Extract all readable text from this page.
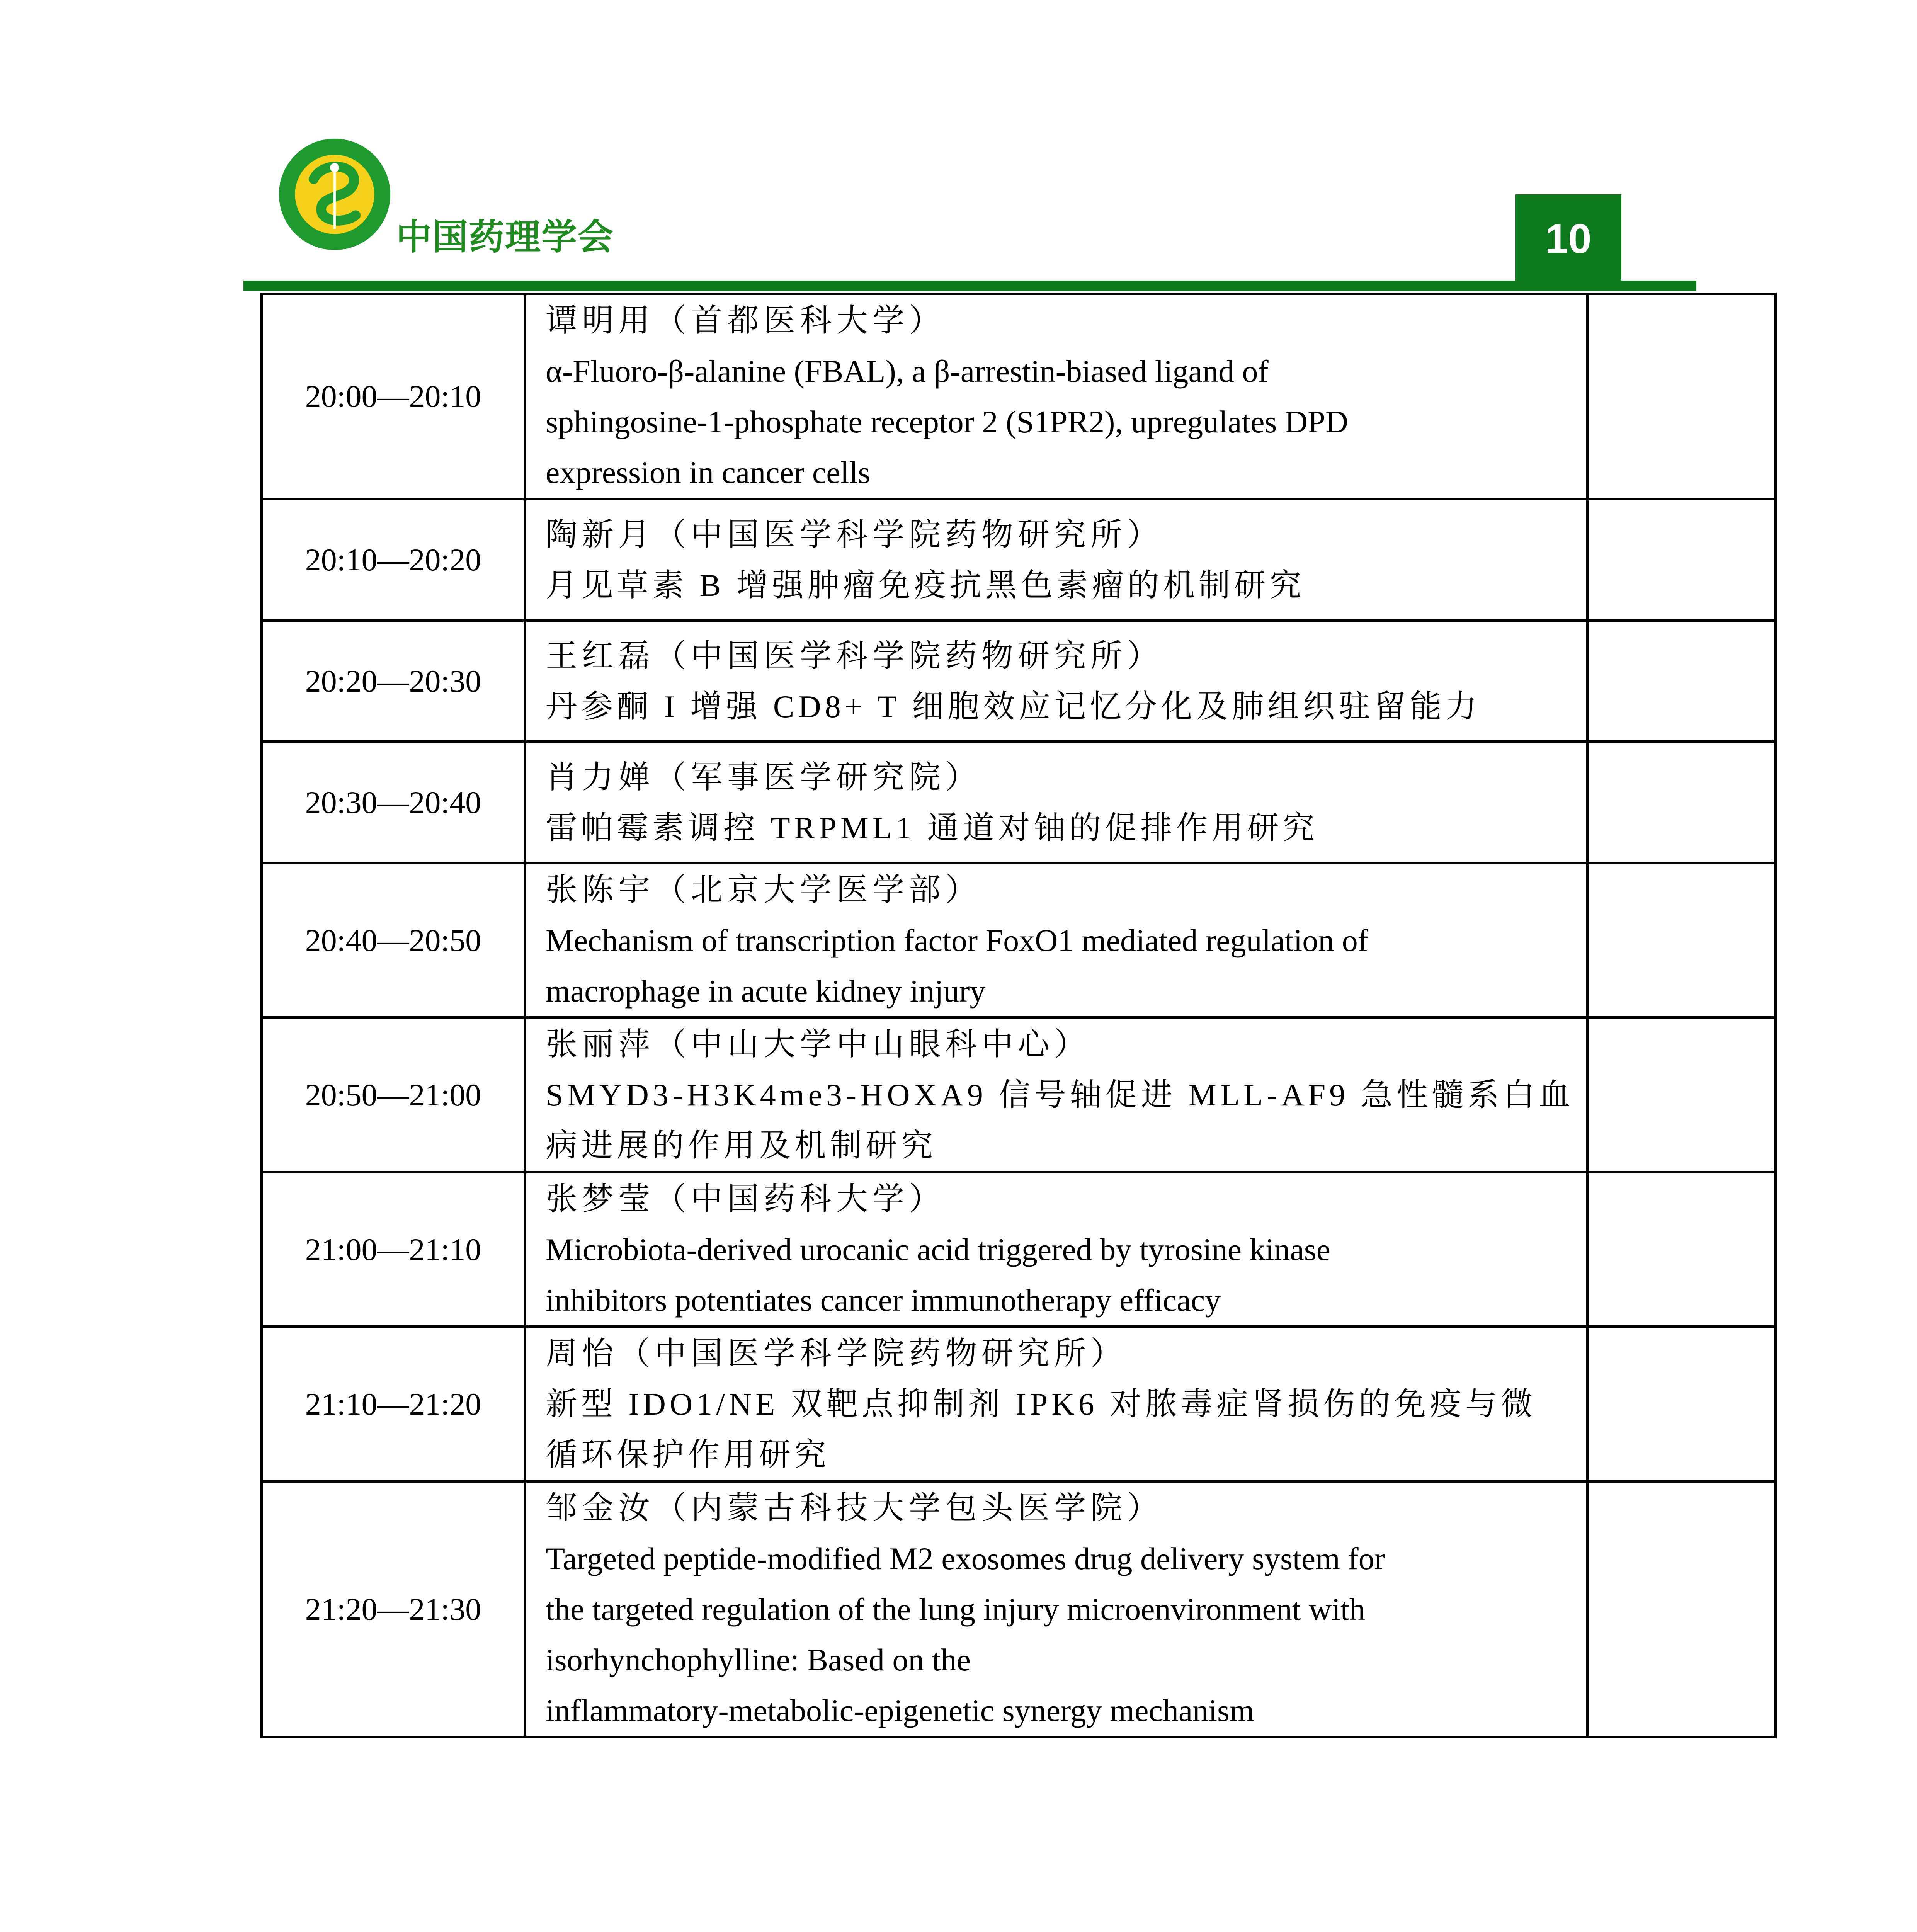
中国药理学会	10
20:00—20:10	谭明用（首都医科大学）
α-Fluoro-β-alanine (FBAL), a β-arrestin-biased ligand of
sphingosine-1-phosphate receptor 2 (S1PR2), upregulates DPD
expression in cancer cells	

20:10—20:20	陶新月（中国医学科学院药物研究所）
月见草素 B 增强肿瘤免疫抗黑色素瘤的机制研究	

20:20—20:30	王红磊（中国医学科学院药物研究所）
丹参酮 I 增强 CD8+ T 细胞效应记忆分化及肺组织驻留能力	

20:30—20:40	肖力婵（军事医学研究院）
雷帕霉素调控 TRPML1 通道对铀的促排作用研究	

20:40—20:50	张陈宇（北京大学医学部）
Mechanism of transcription factor FoxO1 mediated regulation of
macrophage in acute kidney injury	

20:50—21:00	张丽萍（中山大学中山眼科中心）
SMYD3-H3K4me3-HOXA9 信号轴促进 MLL-AF9 急性髓系白血
病进展的作用及机制研究	

21:00—21:10	张梦莹（中国药科大学）
Microbiota-derived urocanic acid triggered by tyrosine kinase
inhibitors potentiates cancer immunotherapy efficacy	

21:10—21:20	周怡（中国医学科学院药物研究所）
新型 IDO1/NE 双靶点抑制剂 IPK6 对脓毒症肾损伤的免疫与微
循环保护作用研究	

21:20—21:30	邹金汝（内蒙古科技大学包头医学院）
Targeted peptide-modified M2 exosomes drug delivery system for
the targeted regulation of the lung injury microenvironment with
isorhynchophylline: Based on the
inflammatory-metabolic-epigenetic synergy mechanism	
